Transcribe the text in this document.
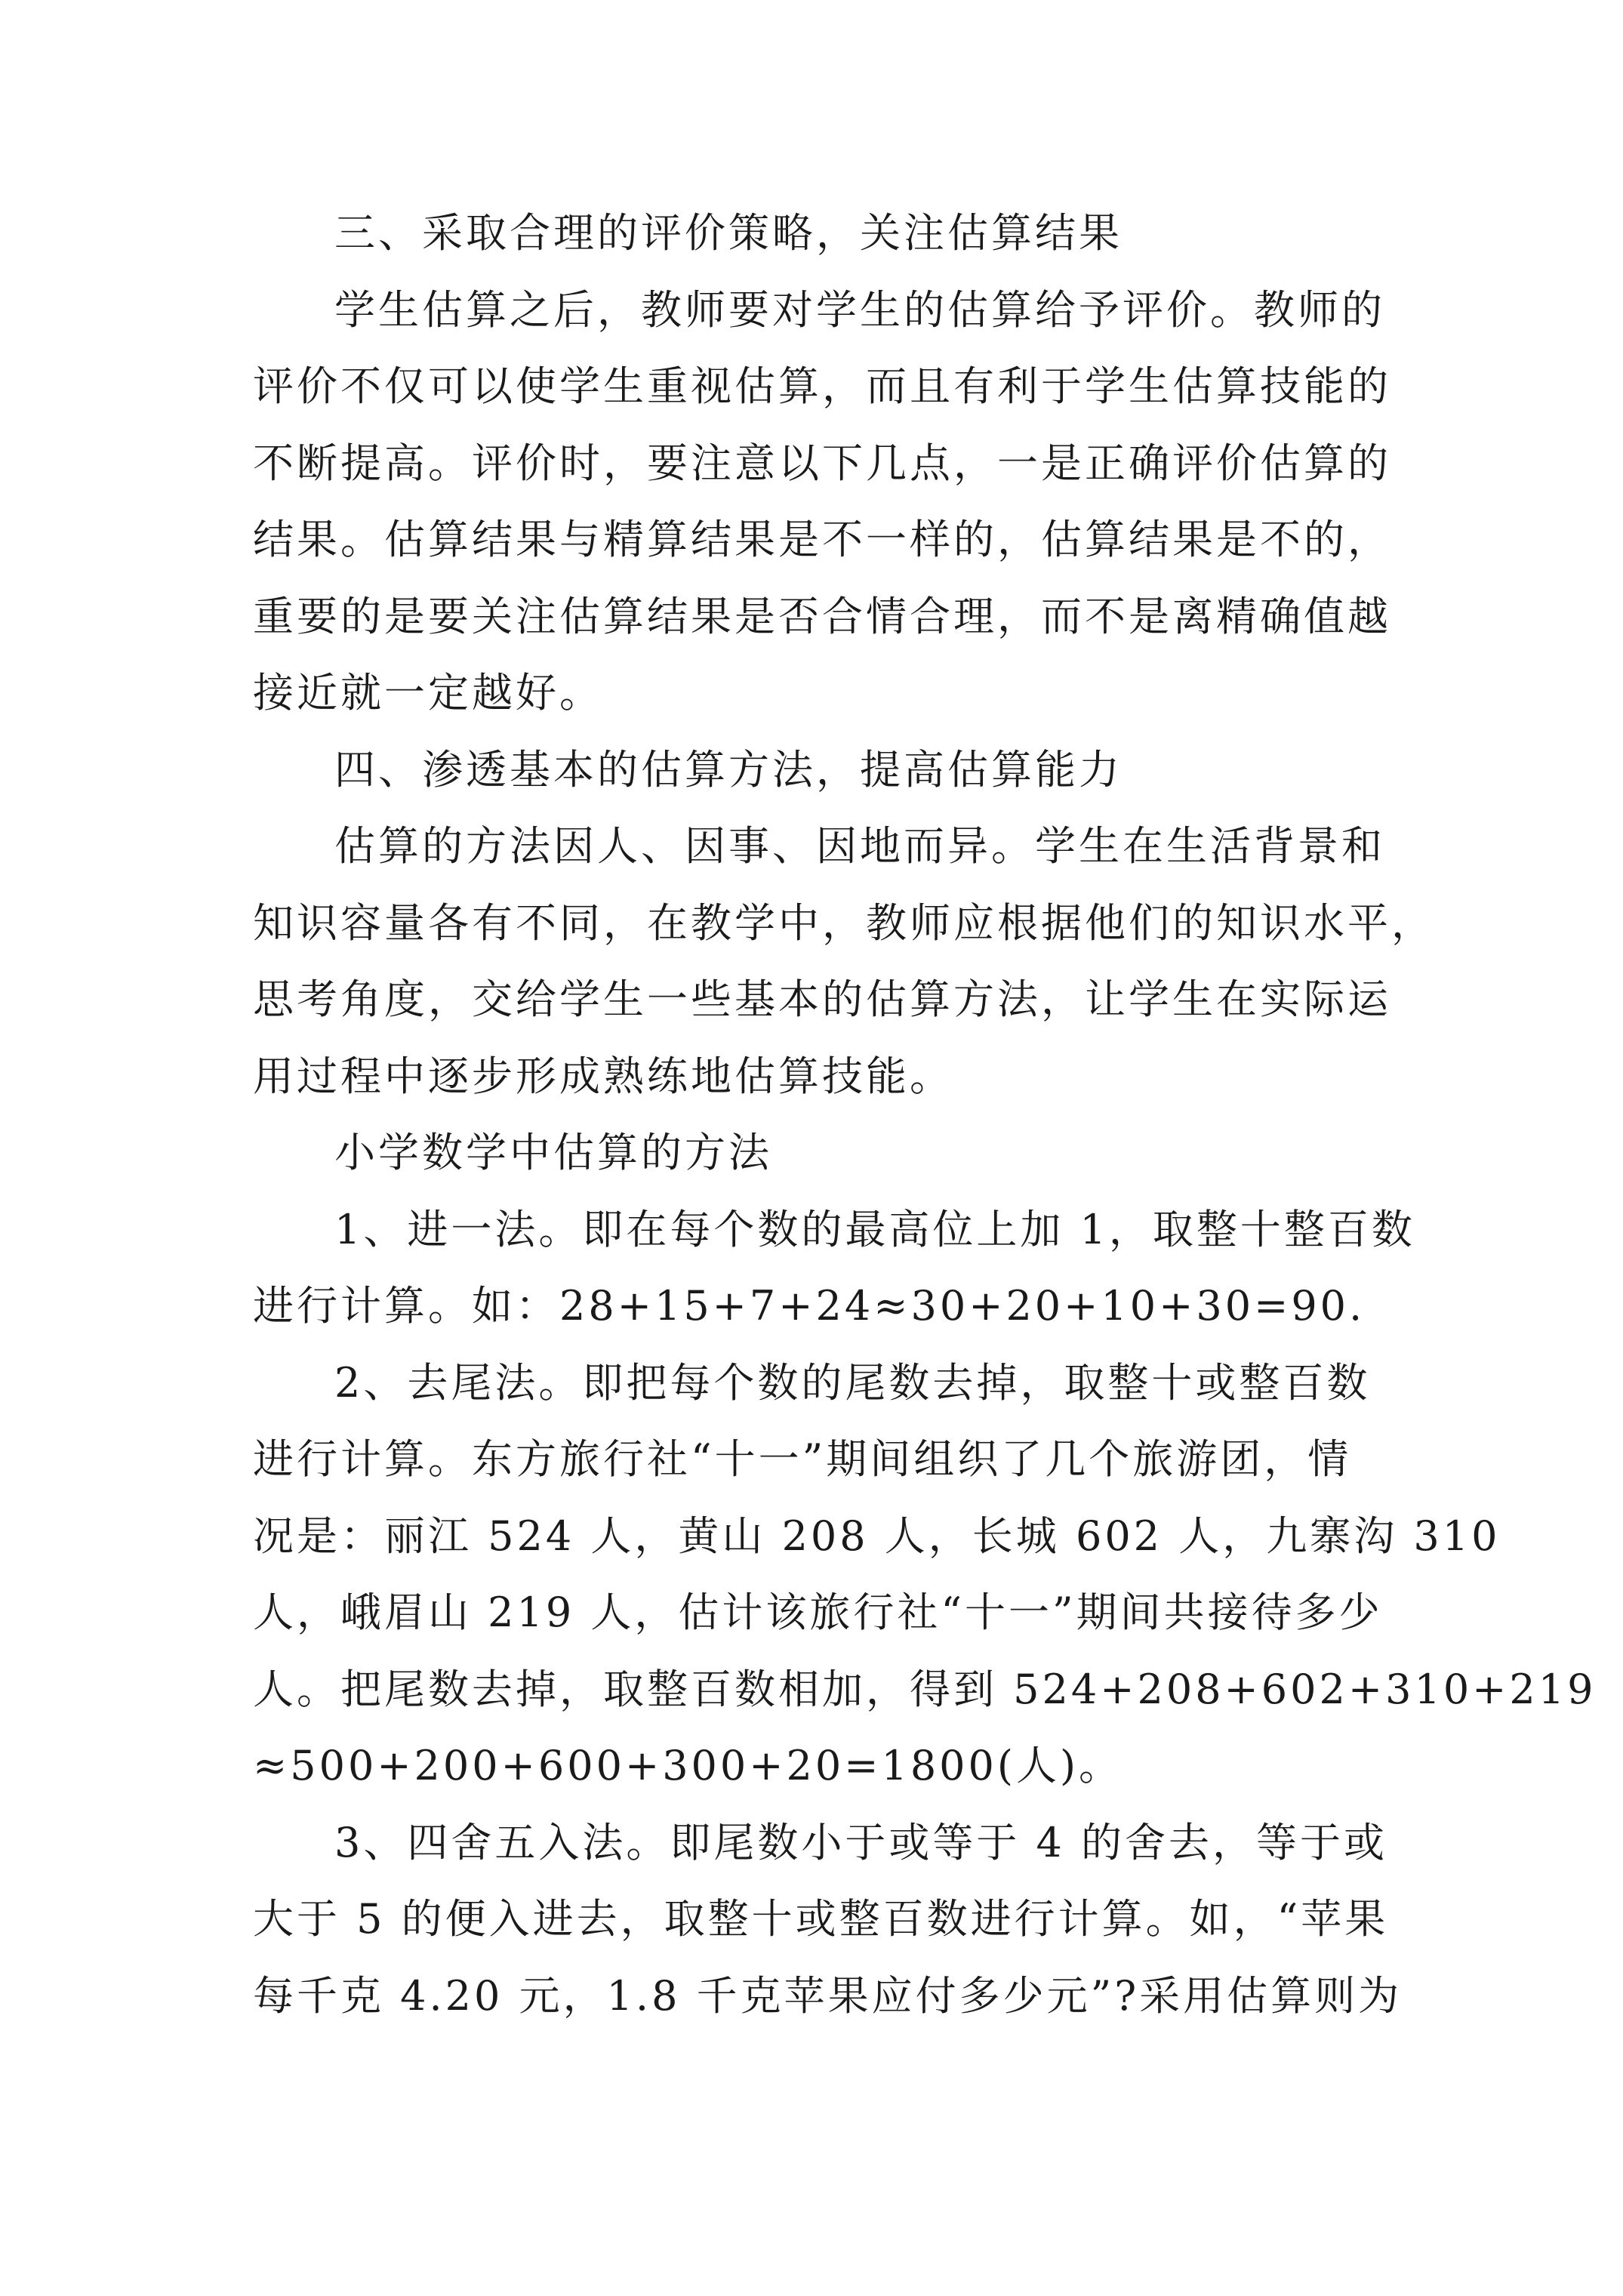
三、采取合理的评价策略，关注估算结果
学生估算之后，教师要对学生的估算给予评价。教师的
评价不仅可以使学生重视估算，而且有利于学生估算技能的
不断提高。评价时，要注意以下几点，一是正确评价估算的
结果。估算结果与精算结果是不一样的，估算结果是不的，
重要的是要关注估算结果是否合情合理，而不是离精确值越
接近就一定越好。
四、渗透基本的估算方法，提高估算能力
估算的方法因人、因事、因地而异。学生在生活背景和
知识容量各有不同，在教学中，教师应根据他们的知识水平，
思考角度，交给学生一些基本的估算方法，让学生在实际运
用过程中逐步形成熟练地估算技能。
小学数学中估算的方法
1、进一法。即在每个数的最高位上加 1，取整十整百数
进行计算。如：28+15+7+24≈30+20+10+30=90.
2、去尾法。即把每个数的尾数去掉，取整十或整百数
进行计算。东方旅行社“十一”期间组织了几个旅游团，情
况是：丽江 524 人，黄山 208 人，长城 602 人，九寨沟 310
人，峨眉山 219 人，估计该旅行社“十一”期间共接待多少
人。把尾数去掉，取整百数相加，得到 524+208+602+310+219
≈500+200+600+300+20=1800(人)。
3、四舍五入法。即尾数小于或等于 4 的舍去，等于或
大于 5 的便入进去，取整十或整百数进行计算。如，“苹果
每千克 4.20 元，1.8 千克苹果应付多少元”?采用估算则为
